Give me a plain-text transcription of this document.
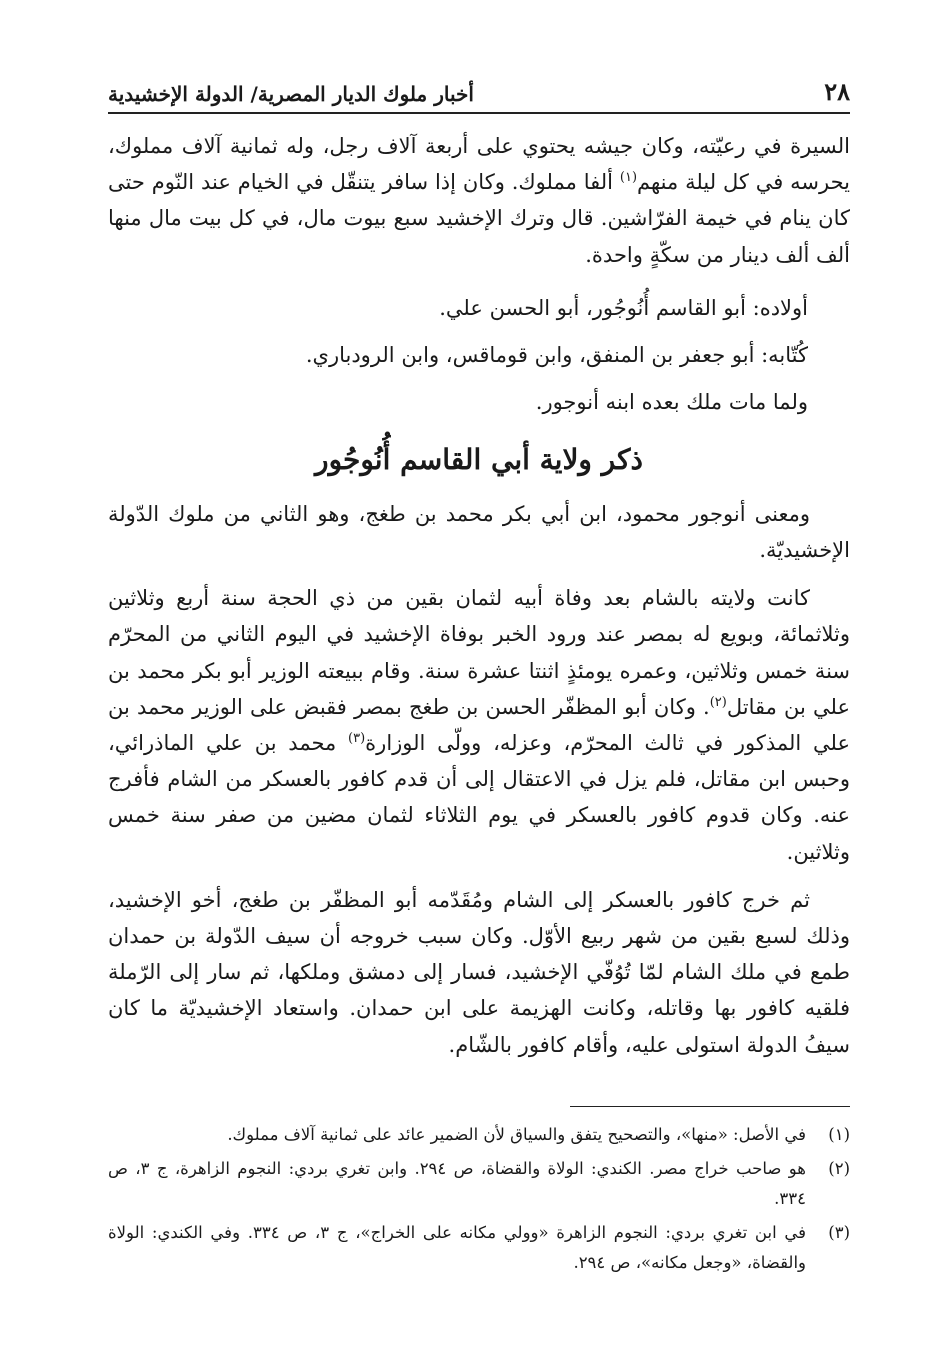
٢٨
أخبار ملوك الديار المصرية/ الدولة الإخشيدية

السيرة في رعيّته، وكان جيشه يحتوي على أربعة آلاف رجل، وله ثمانية آلاف مملوك، يحرسه في كل ليلة منهم$^{(١)}$ ألفا مملوك. وكان إذا سافر يتنقّل في الخيام عند النّوم حتى كان ينام في خيمة الفرّاشين. قال وترك الإخشيد سبع بيوت مال، في كل بيت مال منها ألف ألف دينار من سكّةٍ واحدة.

أولاده: أبو القاسم أُنُوجُور، أبو الحسن علي.

كُتّابه: أبو جعفر بن المنفق، وابن قوماقس، وابن الرودباري.

ولما مات ملك بعده ابنه أنوجور.

ذكر ولاية أبي القاسم أُنُوجُور

ومعنى أنوجور محمود، ابن أبي بكر محمد بن طغج، وهو الثاني من ملوك الدّولة الإخشيديّة.

كانت ولايته بالشام بعد وفاة أبيه لثمان بقين من ذي الحجة سنة أربع وثلاثين وثلاثمائة، وبويع له بمصر عند ورود الخبر بوفاة الإخشيد في اليوم الثاني من المحرّم سنة خمس وثلاثين، وعمره يومئذٍ اثنتا عشرة سنة. وقام ببيعته الوزير أبو بكر محمد بن علي بن مقاتل$^{(٢)}$. وكان أبو المظفّر الحسن بن طغج بمصر فقبض على الوزير محمد بن علي المذكور في ثالث المحرّم، وعزله، وولّى الوزارة$^{(٣)}$ محمد بن علي الماذرائي، وحبس ابن مقاتل، فلم يزل في الاعتقال إلى أن قدم كافور بالعسكر من الشام فأفرج عنه. وكان قدوم كافور بالعسكر في يوم الثلاثاء لثمان مضين من صفر سنة خمس وثلاثين.

ثم خرج كافور بالعسكر إلى الشام ومُقَدّمه أبو المظفّر بن طغج، أخو الإخشيد، وذلك لسبع بقين من شهر ربيع الأوّل. وكان سبب خروجه أن سيف الدّولة بن حمدان طمع في ملك الشام لمّا تُوُفّي الإخشيد، فسار إلى دمشق وملكها، ثم سار إلى الرّملة فلقيه كافور بها وقاتله، وكانت الهزيمة على ابن حمدان. واستعاد الإخشيديّة ما كان سيفُ الدولة استولى عليه، وأقام كافور بالشّام.

(١)
في الأصل: «منها»، والتصحيح يتفق والسياق لأن الضمير عائد على ثمانية آلاف مملوك.
(٢)
هو صاحب خراج مصر. الكندي: الولاة والقضاة، ص ٢٩٤. وابن تغري بردي: النجوم الزاهرة، ج ٣، ص ٣٣٤.
(٣)
في ابن تغري بردي: النجوم الزاهرة «وولي مكانه على الخراج»، ج ٣، ص ٣٣٤. وفي الكندي: الولاة والقضاة، «وجعل مكانه»، ص ٢٩٤.
